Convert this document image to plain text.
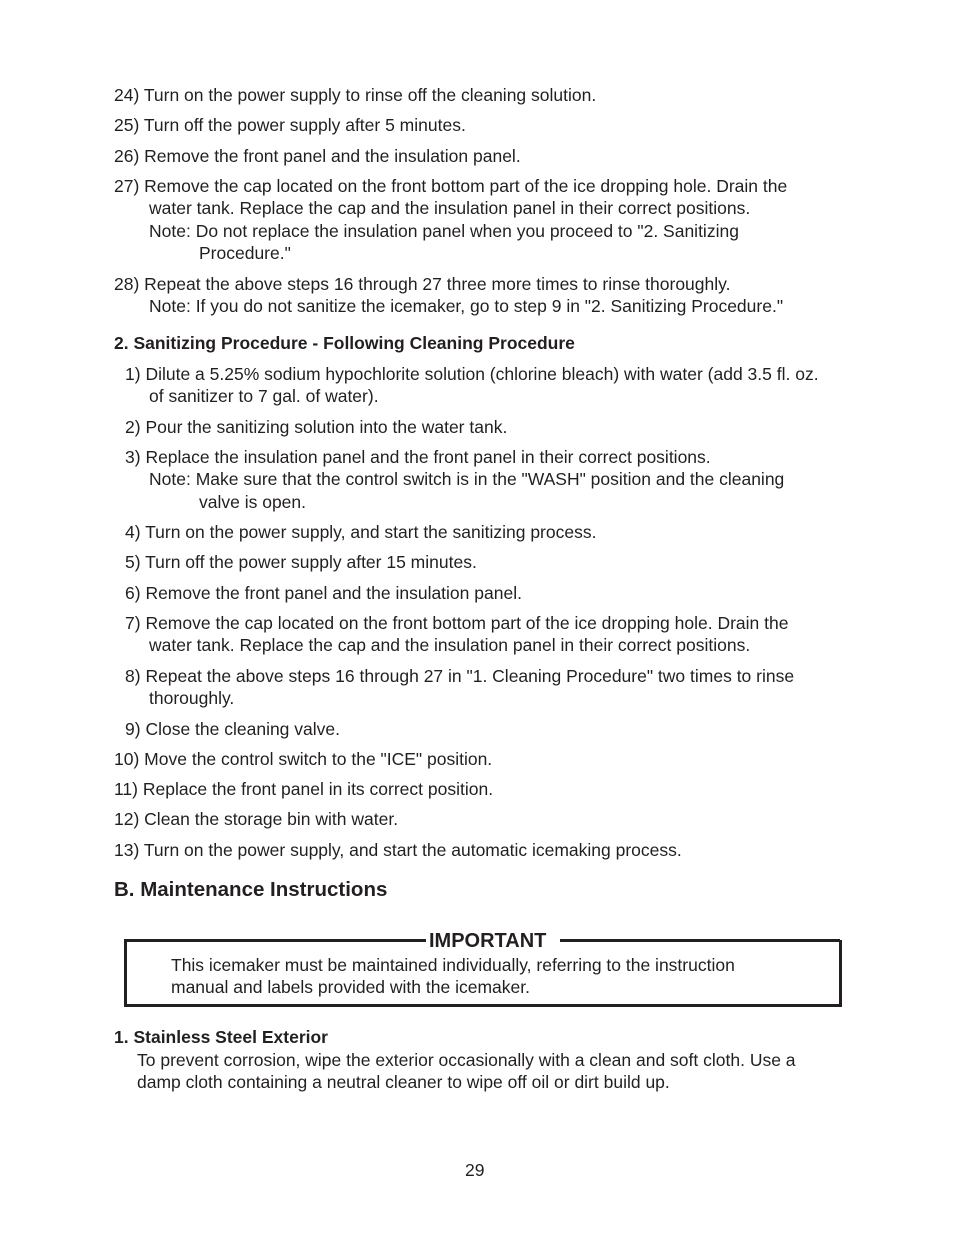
24) Turn on the power supply to rinse off the cleaning solution.
25) Turn off the power supply after 5 minutes.
26) Remove the front panel and the insulation panel.
27) Remove the cap located on the front bottom part of the ice dropping hole. Drain the
water tank. Replace the cap and the insulation panel in their correct positions.
Note: Do not replace the insulation panel when you proceed to "2. Sanitizing
Procedure."
28) Repeat the above steps 16 through 27 three more times to rinse thoroughly.
Note: If you do not sanitize the icemaker, go to step 9 in "2. Sanitizing Procedure."
2. Sanitizing Procedure - Following Cleaning Procedure
1) Dilute a 5.25% sodium hypochlorite solution (chlorine bleach) with water (add 3.5 fl. oz.
of sanitizer to 7 gal. of water).
2) Pour the sanitizing solution into the water tank.
3) Replace the insulation panel and the front panel in their correct positions.
Note: Make sure that the control switch is in the "WASH" position and the cleaning
valve is open.
4) Turn on the power supply, and start the sanitizing process.
5) Turn off the power supply after 15 minutes.
6) Remove the front panel and the insulation panel.
7) Remove the cap located on the front bottom part of the ice dropping hole. Drain the
water tank. Replace the cap and the insulation panel in their correct positions.
8) Repeat the above steps 16 through 27 in "1. Cleaning Procedure" two times to rinse
thoroughly.
9) Close the cleaning valve.
10) Move the control switch to the "ICE" position.
11) Replace the front panel in its correct position.
12) Clean the storage bin with water.
13) Turn on the power supply, and start the automatic icemaking process.
B. Maintenance Instructions
IMPORTANT
This icemaker must be maintained individually, referring to the instruction
manual and labels provided with the icemaker.
1. Stainless Steel Exterior
To prevent corrosion, wipe the exterior occasionally with a clean and soft cloth. Use a
damp cloth containing a neutral cleaner to wipe off oil or dirt build up.
29
